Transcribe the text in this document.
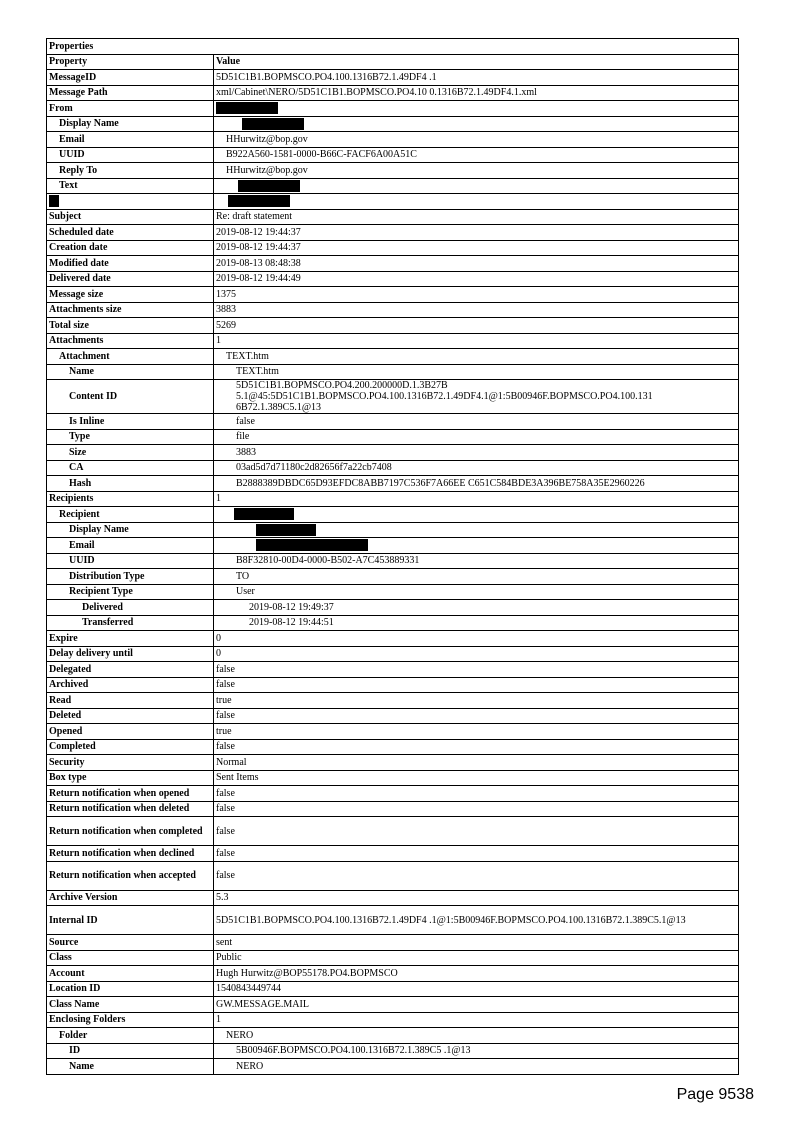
Properties	
Property	Value
MessageID	5D51C1B1.BOPMSCO.PO4.100.1316B72.1.49DF4 .1
Message Path	xml/Cabinet\NERO/5D51C1B1.BOPMSCO.PO4.10 0.1316B72.1.49DF4.1.xml
From	
Display Name	
Email	HHurwitz@bop.gov
UUID	B922A560-1581-0000-B66C-FACF6A00A51C
Reply To	HHurwitz@bop.gov
Text	

Subject	Re: draft statement
Scheduled date	2019-08-12 19:44:37
Creation date	2019-08-12 19:44:37
Modified date	2019-08-13 08:48:38
Delivered date	2019-08-12 19:44:49
Message size	1375
Attachments size	3883
Total size	5269
Attachments	1
Attachment	TEXT.htm
Name	TEXT.htm
Content ID	5D51C1B1.BOPMSCO.PO4.200.200000D.1.3B27B 5.1@45:5D51C1B1.BOPMSCO.PO4.100.1316B72.1.49DF4.1@1:5B00946F.BOPMSCO.PO4.100.131 6B72.1.389C5.1@13
Is Inline	false
Type	file
Size	3883
CA	03ad5d7d71180c2d82656f7a22cb7408
Hash	B2888389DBDC65D93EFDC8ABB7197C536F7A66EE C651C584BDE3A396BE758A35E2960226
Recipients	1
Recipient	
Display Name	
Email	
UUID	B8F32810-00D4-0000-B502-A7C453889331
Distribution Type	TO
Recipient Type	User
Delivered	2019-08-12 19:49:37
Transferred	2019-08-12 19:44:51
Expire	0
Delay delivery until	0
Delegated	false
Archived	false
Read	true
Deleted	false
Opened	true
Completed	false
Security	Normal
Box type	Sent Items
Return notification when opened	false
Return notification when deleted	false
Return notification when completed	false
Return notification when declined	false
Return notification when accepted	false
Archive Version	5.3
Internal ID	5D51C1B1.BOPMSCO.PO4.100.1316B72.1.49DF4 .1@1:5B00946F.BOPMSCO.PO4.100.1316B72.1.389C5.1@13
Source	sent
Class	Public
Account	Hugh Hurwitz@BOP55178.PO4.BOPMSCO
Location ID	1540843449744
Class Name	GW.MESSAGE.MAIL
Enclosing Folders	1
Folder	NERO
ID	5B00946F.BOPMSCO.PO4.100.1316B72.1.389C5 .1@13
Name	NERO
Page 9538
